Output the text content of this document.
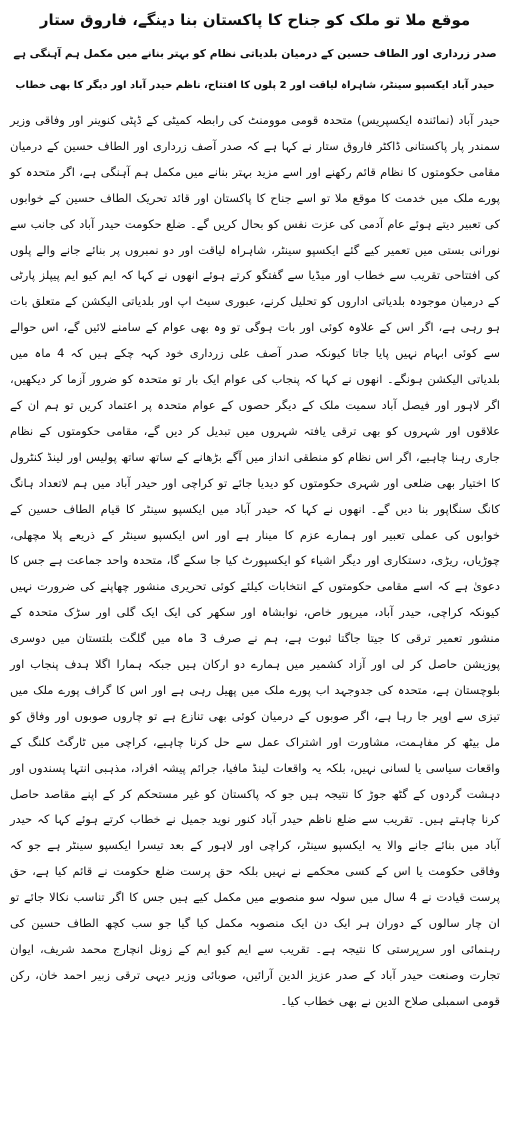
موقع ملا تو ملک کو جناح کا پاکستان بنا دینگے، فاروق ستار
صدر زرداری اور الطاف حسین کے درمیان بلدیاتی نظام کو بہتر بنانے میں مکمل ہم آہنگی ہے
حیدر آباد ایکسپو سینٹر، شاہراہ لیاقت اور 2 پلوں کا افتتاح، ناظم حیدر آباد اور دیگر کا بھی خطاب

حیدر آباد (نمائندہ ایکسپریس) متحدہ قومی موومنٹ کی رابطہ کمیٹی کے ڈپٹی کنوینر اور وفاقی وزیر سمندر پار پاکستانی ڈاکٹر فاروق ستار نے کہا ہے کہ صدر آصف زرداری اور الطاف حسین کے درمیان مقامی حکومتوں کا نظام قائم رکھنے اور اسے مزید بہتر بنانے میں مکمل ہم آہنگی ہے، اگر متحدہ کو پورے ملک میں خدمت کا موقع ملا تو اسے جناح کا پاکستان اور قائد تحریک الطاف حسین کے خوابوں کی تعبیر دیتے ہوئے عام آدمی کی عزت نفس کو بحال کریں گے۔ ضلع حکومت حیدر آباد کی جانب سے نورانی بستی میں تعمیر کیے گئے ایکسپو سینٹر، شاہراہ لیاقت اور دو نمبروں پر بنائے جانے والے پلوں کی افتتاحی تقریب سے خطاب اور میڈیا سے گفتگو کرتے ہوئے انھوں نے کہا کہ ایم کیو ایم پیپلز پارٹی کے درمیان موجودہ بلدیاتی اداروں کو تحلیل کرنے، عبوری سیٹ اپ اور بلدیاتی الیکشن کے متعلق بات ہو رہی ہے، اگر اس کے علاوہ کوئی اور بات ہوگی تو وہ بھی عوام کے سامنے لائیں گے، اس حوالے سے کوئی ابہام نہیں پایا جاتا کیونکہ صدر آصف علی زرداری خود کہہ چکے ہیں کہ 4 ماہ میں بلدیاتی الیکشن ہونگے۔ انھوں نے کہا کہ پنجاب کی عوام ایک بار تو متحدہ کو ضرور آزما کر دیکھیں، اگر لاہور اور فیصل آباد سمیت ملک کے دیگر حصوں کے عوام متحدہ پر اعتماد کریں تو ہم ان کے علاقوں اور شہروں کو بھی ترقی یافتہ شہروں میں تبدیل کر دیں گے، مقامی حکومتوں کے نظام جاری رہنا چاہیے، اگر اس نظام کو منطقی انداز میں آگے بڑھانے کے ساتھ ساتھ پولیس اور لینڈ کنٹرول کا اختیار بھی ضلعی اور شہری حکومتوں کو دیدیا جائے تو کراچی اور حیدر آباد میں ہم لاتعداد ہانگ کانگ سنگاپور بنا دیں گے۔ انھوں نے کہا کہ حیدر آباد میں ایکسپو سینٹر کا قیام الطاف حسین کے خوابوں کی عملی تعبیر اور ہمارے عزم کا مینار ہے اور اس ایکسپو سینٹر کے ذریعے پلا مچھلی، چوڑیاں، ریڑی، دستکاری اور دیگر اشیاء کو ایکسپورٹ کیا جا سکے گا، متحدہ واحد جماعت ہے جس کا دعویٰ ہے کہ اسے مقامی حکومتوں کے انتخابات کیلئے کوئی تحریری منشور چھاپنے کی ضرورت نہیں کیونکہ کراچی، حیدر آباد، میرپور خاص، نوابشاہ اور سکھر کی ایک ایک گلی اور سڑک متحدہ کے منشور تعمیر ترقی کا جیتا جاگتا ثبوت ہے، ہم نے صرف 3 ماہ میں گلگت بلتستان میں دوسری پوزیشن حاصل کر لی اور آزاد کشمیر میں ہمارے دو ارکان ہیں جبکہ ہمارا اگلا ہدف پنجاب اور بلوچستان ہے، متحدہ کی جدوجہد اب پورے ملک میں پھیل رہی ہے اور اس کا گراف پورے ملک میں تیزی سے اوپر جا رہا ہے، اگر صوبوں کے درمیان کوئی بھی تنازع ہے تو چاروں صوبوں اور وفاق کو مل بیٹھ کر مفاہمت، مشاورت اور اشتراک عمل سے حل کرنا چاہیے، کراچی میں ٹارگٹ کلنگ کے واقعات سیاسی یا لسانی نہیں، بلکہ یہ واقعات لینڈ مافیا، جرائم پیشہ افراد، مذہبی انتہا پسندوں اور دہشت گردوں کے گٹھ جوڑ کا نتیجہ ہیں جو کہ پاکستان کو غیر مستحکم کر کے اپنے مقاصد حاصل کرنا چاہتے ہیں۔ تقریب سے ضلع ناظم حیدر آباد کنور نوید جمیل نے خطاب کرتے ہوئے کہا کہ حیدر آباد میں بنائے جانے والا یہ ایکسپو سینٹر، کراچی اور لاہور کے بعد تیسرا ایکسپو سینٹر ہے جو کہ وفاقی حکومت یا اس کے کسی محکمے نے نہیں بلکہ حق پرست ضلع حکومت نے قائم کیا ہے، حق پرست قیادت نے 4 سال میں سولہ سو منصوبے میں مکمل کیے ہیں جس کا اگر تناسب نکالا جائے تو ان چار سالوں کے دوران ہر ایک دن ایک منصوبہ مکمل کیا گیا جو سب کچھ الطاف حسین کی رہنمائی اور سرپرستی کا نتیجہ ہے۔ تقریب سے ایم کیو ایم کے زونل انچارج محمد شریف، ایوان تجارت وصنعت حیدر آباد کے صدر عزیز الدین آرائیں، صوبائی وزیر دیہی ترقی زبیر احمد خان، رکن قومی اسمبلی صلاح الدین نے بھی خطاب کیا۔
